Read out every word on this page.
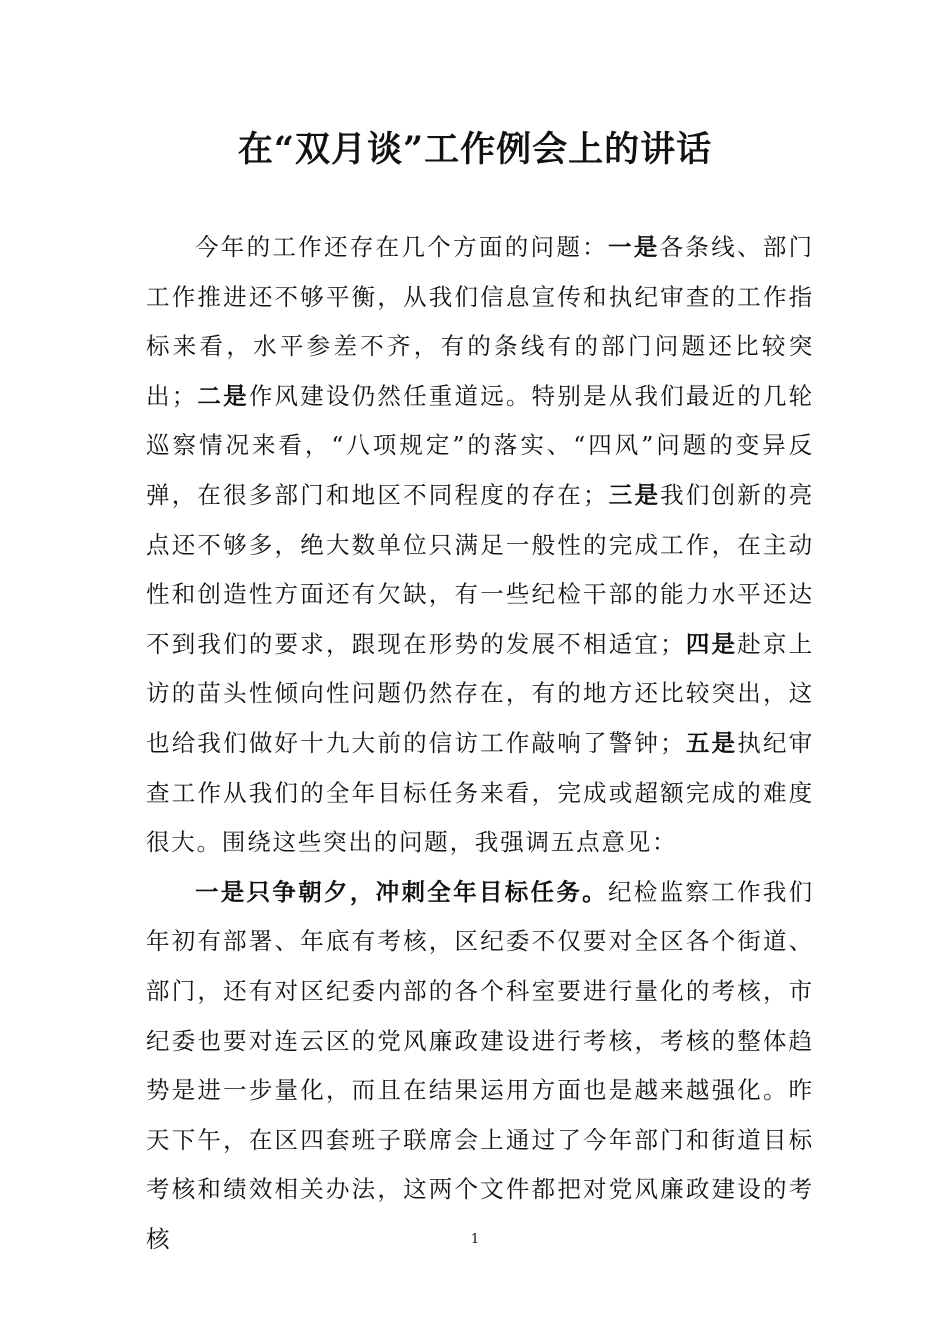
在“双月谈”工作例会上的讲话

今年的工作还存在几个方面的问题：一是各条线、部门工作推进还不够平衡，从我们信息宣传和执纪审查的工作指标来看，水平参差不齐，有的条线有的部门问题还比较突出；二是作风建设仍然任重道远。特别是从我们最近的几轮巡察情况来看，“八项规定”的落实、“四风”问题的变异反弹，在很多部门和地区不同程度的存在；三是我们创新的亮点还不够多，绝大数单位只满足一般性的完成工作，在主动性和创造性方面还有欠缺，有一些纪检干部的能力水平还达不到我们的要求，跟现在形势的发展不相适宜；四是赴京上访的苗头性倾向性问题仍然存在，有的地方还比较突出，这也给我们做好十九大前的信访工作敲响了警钟；五是执纪审查工作从我们的全年目标任务来看，完成或超额完成的难度很大。围绕这些突出的问题，我强调五点意见：

一是只争朝夕，冲刺全年目标任务。纪检监察工作我们年初有部署、年底有考核，区纪委不仅要对全区各个街道、部门，还有对区纪委内部的各个科室要进行量化的考核，市纪委也要对连云区的党风廉政建设进行考核，考核的整体趋势是进一步量化，而且在结果运用方面也是越来越强化。昨天下午，在区四套班子联席会上通过了今年部门和街道目标考核和绩效相关办法，这两个文件都把对党风廉政建设的考核	1
